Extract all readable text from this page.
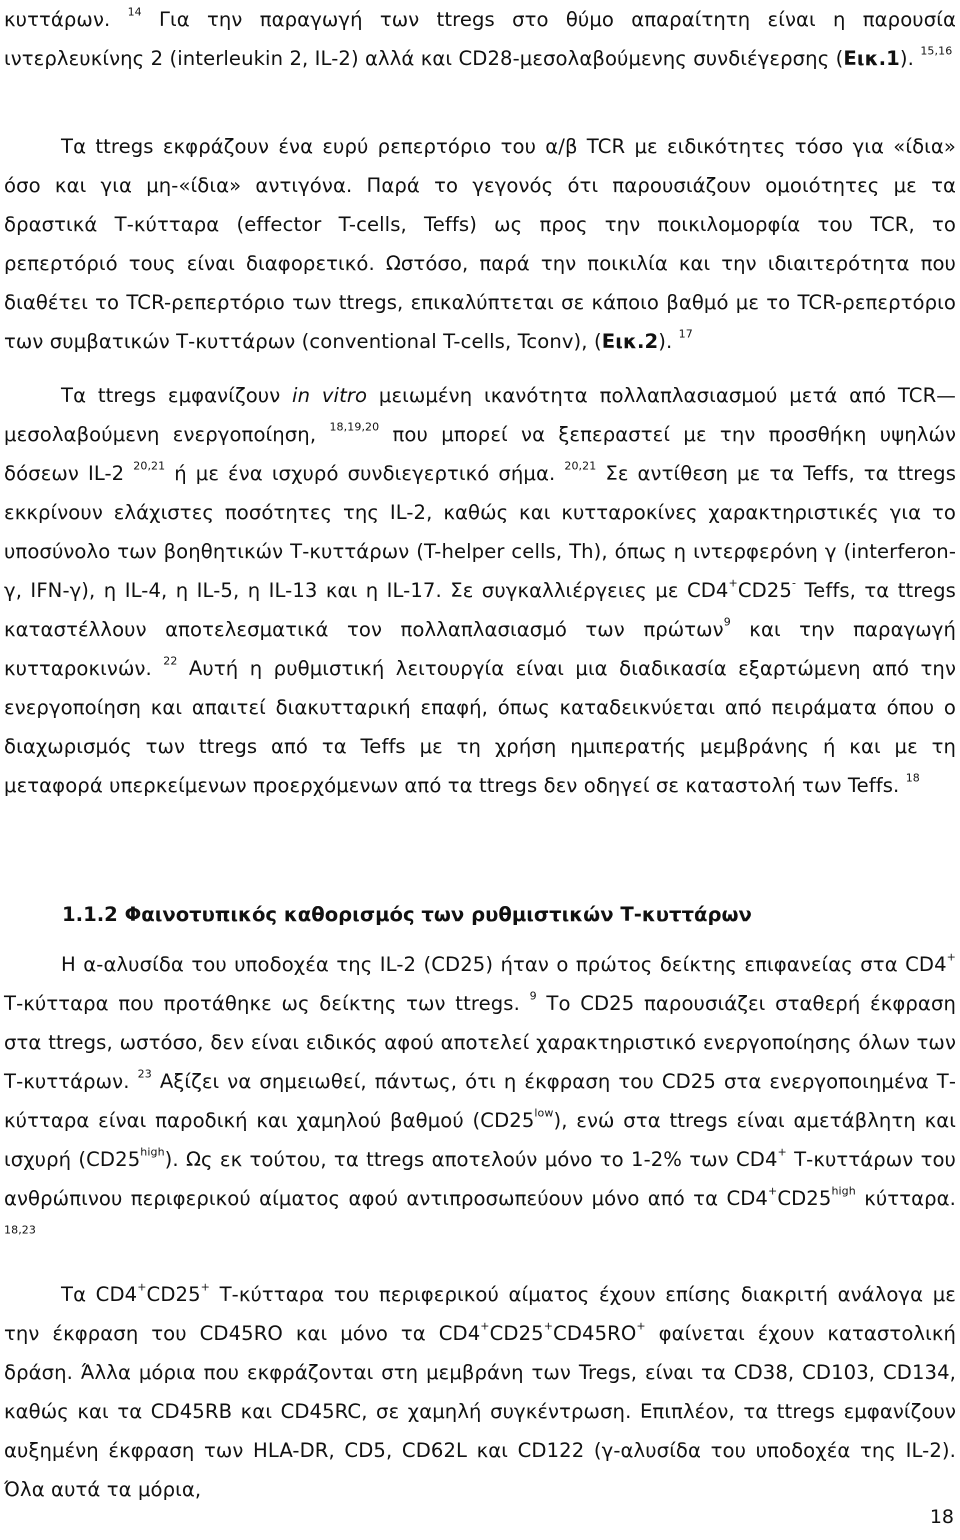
κυττάρων. $^{14}$ Για την παραγωγή των ttregs στο θύμο απαραίτητη είναι η παρουσία ιντερλευκίνης 2 (interleukin 2, IL-2) αλλά και CD28-μεσολαβούμενης συνδιέγερσης (Εικ.1). $^{15,16}$
Τα ttregs εκφράζουν ένα ευρύ ρεπερτόριο του α/β TCR με ειδικότητες τόσο για «ίδια» όσο και για μη-«ίδια» αντιγόνα. Παρά το γεγονός ότι παρουσιάζουν ομοιότητες με τα δραστικά Τ-κύτταρα (effector T-cells, Teffs) ως προς την ποικιλομορφία του TCR, το ρεπερτόριό τους είναι διαφορετικό. Ωστόσο, παρά την ποικιλία και την ιδιαιτερότητα που διαθέτει το TCR-ρεπερτόριο των ttregs, επικαλύπτεται σε κάποιο βαθμό με το TCR-ρεπερτόριο των συμβατικών Τ-κυττάρων (conventional T-cells, Tconv), (Εικ.2). $^{17}$
Τα ttregs εμφανίζουν in vitro μειωμένη ικανότητα πολλαπλασιασμού μετά από TCR—μεσολαβούμενη ενεργοποίηση, $^{18,19,20}$ που μπορεί να ξεπεραστεί με την προσθήκη υψηλών δόσεων IL-2 $^{20,21}$ ή με ένα ισχυρό συνδιεγερτικό σήμα. $^{20,21}$ Σε αντίθεση με τα Teffs, τα ttregs εκκρίνουν ελάχιστες ποσότητες της IL-2, καθώς και κυτταροκίνες χαρακτηριστικές για το υποσύνολο των βοηθητικών Τ-κυττάρων (T-helper cells, Th), όπως η ιντερφερόνη γ (interferon-γ, IFN-γ), η IL-4, η IL-5, η IL-13 και η IL-17. Σε συγκαλλιέργειες με CD4+CD25- Teffs, τα ttregs καταστέλλουν αποτελεσματικά τον πολλαπλασιασμό των πρώτων$^9$ και την παραγωγή κυτταροκινών. $^{22}$ Αυτή η ρυθμιστική λειτουργία είναι μια διαδικασία εξαρτώμενη από την ενεργοποίηση και απαιτεί διακυτταρική επαφή, όπως καταδεικνύεται από πειράματα όπου ο διαχωρισμός των ttregs από τα Teffs με τη χρήση ημιπερατής μεμβράνης ή και με τη μεταφορά υπερκείμενων προερχόμενων από τα ttregs δεν οδηγεί σε καταστολή των Teffs. $^{18}$
1.1.2 Φαινοτυπικός καθορισμός των ρυθμιστικών Τ-κυττάρων
Η α-αλυσίδα του υποδοχέα της IL-2 (CD25) ήταν ο πρώτος δείκτης επιφανείας στα CD4+ Τ-κύτταρα που προτάθηκε ως δείκτης των ttregs. $^9$ Το CD25 παρουσιάζει σταθερή έκφραση στα ttregs, ωστόσο, δεν είναι ειδικός αφού αποτελεί χαρακτηριστικό ενεργοποίησης όλων των Τ-κυττάρων. $^{23}$ Αξίζει να σημειωθεί, πάντως, ότι η έκφραση του CD25 στα ενεργοποιημένα Τ-κύτταρα είναι παροδική και χαμηλού βαθμού $(CD25^{low})$, ενώ στα ttregs είναι αμετάβλητη και ισχυρή $(CD25^{high})$. Ως εκ τούτου, τα ttregs αποτελούν μόνο το 1-2% των CD4+ Τ-κυττάρων του ανθρώπινου περιφερικού αίματος αφού αντιπροσωπεύουν μόνο από τα $CD4^+CD25^{high}$ κύτταρα. $^{18,23}$
Τα CD4+CD25+ Τ-κύτταρα του περιφερικού αίματος έχουν επίσης διακριτή ανάλογα με την έκφραση του CD45RO και μόνο τα CD4+CD25+CD45RO+ φαίνεται έχουν καταστολική δράση. Άλλα μόρια που εκφράζονται στη μεμβράνη των Tregs, είναι τα CD38, CD103, CD134, καθώς και τα CD45RB και CD45RC, σε χαμηλή συγκέντρωση. Επιπλέον, τα ttregs εμφανίζουν αυξημένη έκφραση των HLA-DR, CD5, CD62L και CD122 (γ-αλυσίδα του υποδοχέα της IL-2). Όλα αυτά τα μόρια,
18
